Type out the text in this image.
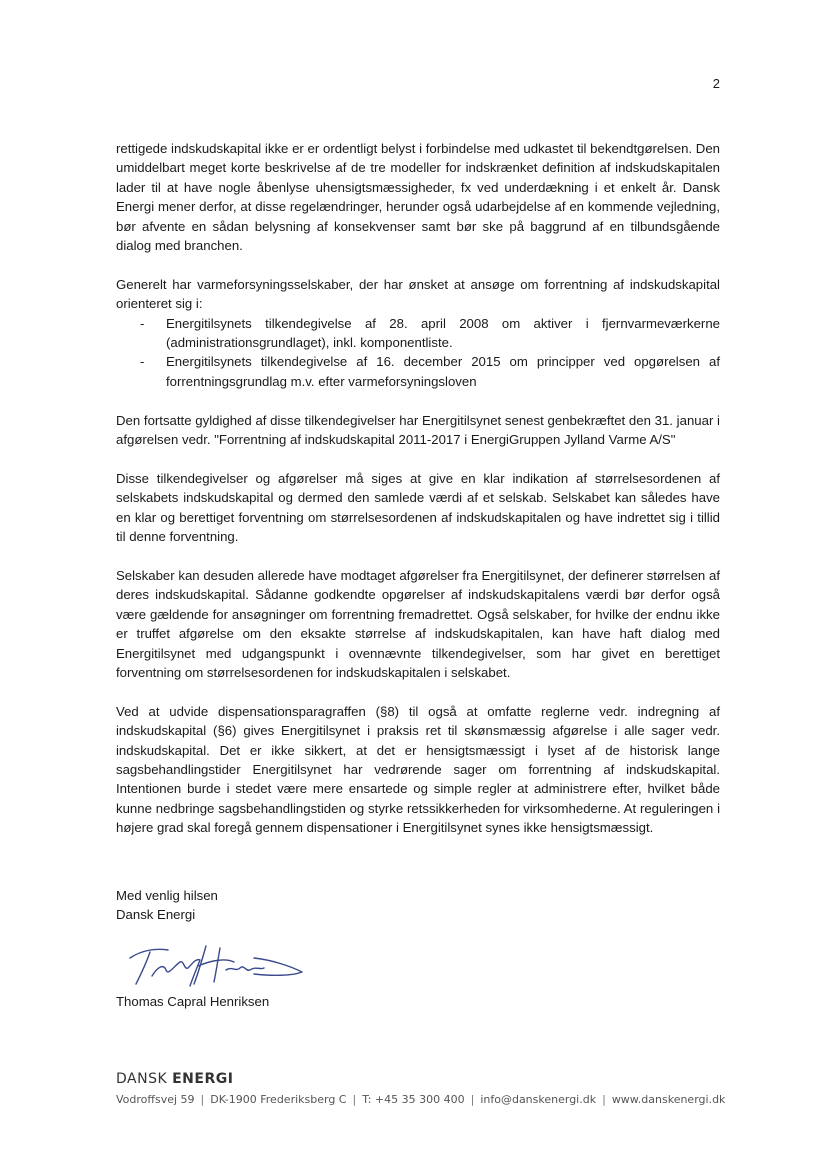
2

rettigede indskudskapital ikke er er ordentligt belyst i forbindelse med udkastet til bekendtgørelsen. Den umiddelbart meget korte beskrivelse af de tre modeller for indskrænket definition af indskudskapitalen lader til at have nogle åbenlyse uhensigtsmæssigheder, fx ved underdækning i et enkelt år. Dansk Energi mener derfor, at disse regelændringer, herunder også udarbejdelse af en kommende vejledning, bør afvente en sådan belysning af konsekvenser samt bør ske på baggrund af en tilbundsgående dialog med branchen.

Generelt har varmeforsyningsselskaber, der har ønsket at ansøge om forrentning af indskudskapital orienteret sig i:

- Energitilsynets tilkendegivelse af 28. april 2008 om aktiver i fjernvarmeværkerne (administrationsgrundlaget), inkl. komponentliste.
- Energitilsynets tilkendegivelse af 16. december 2015 om principper ved opgørelsen af forrentningsgrundlag m.v. efter varmeforsyningsloven

Den fortsatte gyldighed af disse tilkendegivelser har Energitilsynet senest genbekræftet den 31. januar i afgørelsen vedr. "Forrentning af indskudskapital 2011-2017 i EnergiGruppen Jylland Varme A/S"

Disse tilkendegivelser og afgørelser må siges at give en klar indikation af størrelsesordenen af selskabets indskudskapital og dermed den samlede værdi af et selskab. Selskabet kan således have en klar og berettiget forventning om størrelsesordenen af indskudskapitalen og have indrettet sig i tillid til denne forventning.

Selskaber kan desuden allerede have modtaget afgørelser fra Energitilsynet, der definerer størrelsen af deres indskudskapital. Sådanne godkendte opgørelser af indskudskapitalens værdi bør derfor også være gældende for ansøgninger om forrentning fremadrettet. Også selskaber, for hvilke der endnu ikke er truffet afgørelse om den eksakte størrelse af indskudskapitalen, kan have haft dialog med Energitilsynet med udgangspunkt i ovennævnte tilkendegivelser, som har givet en berettiget forventning om størrelsesordenen for indskudskapitalen i selskabet.

Ved at udvide dispensationsparagraffen (§8) til også at omfatte reglerne vedr. indregning af indskudskapital (§6) gives Energitilsynet i praksis ret til skønsmæssig afgørelse i alle sager vedr. indskudskapital. Det er ikke sikkert, at det er hensigtsmæssigt i lyset af de historisk lange sagsbehandlingstider Energitilsynet har vedrørende sager om forrentning af indskudskapital. Intentionen burde i stedet være mere ensartede og simple regler at administrere efter, hvilket både kunne nedbringe sagsbehandlingstiden og styrke retssikkerheden for virksomhederne. At reguleringen i højere grad skal foregå gennem dispensationer i Energitilsynet synes ikke hensigtsmæssigt.

Med venlig hilsen
Dansk Energi
Thomas Capral Henriksen
DANSK ENERGI
Vodroffsvej 59 | DK-1900 Frederiksberg C | T: +45 35 300 400 | info@danskenergi.dk | www.danskenergi.dk
